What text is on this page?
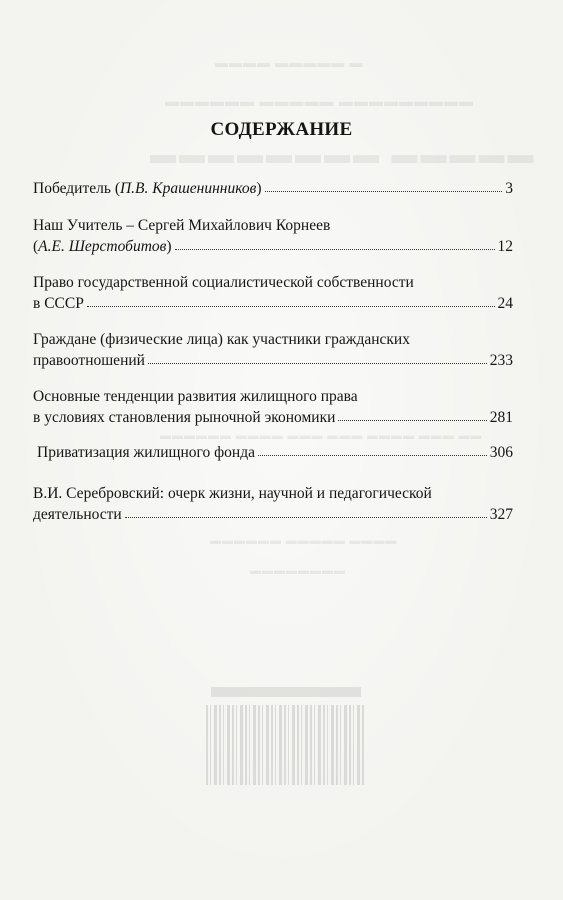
▬▬▬▬ ▬▬▬▬▬ ▬
▬▬▬▬▬▬ ▬▬▬▬▬ ▬▬▬▬▬▬▬▬▬
▬▬▬▬▬▬▬▬ ▬▬▬▬▬
▬▬▬▬▬▬ ▬▬▬▬ ▬▬▬ ▬▬▬ ▬▬▬▬ ▬▬▬ ▬▬
▬▬▬▬▬▬ ▬▬▬▬▬ ▬▬▬▬
▬▬▬▬▬▬▬▬
СОДЕРЖАНИЕ
Победитель (П.В. Крашенинников)	3
Наш Учитель – Сергей Михайлович Корнеев
(А.Е. Шерстобитов)	12
Право государственной социалистической собственности
в СССР	24
Граждане (физические лица) как участники гражданских
правоотношений	233
Основные тенденции развития жилищного права
в условиях становления рыночной экономики	281
Приватизация жилищного фонда	306
В.И. Серебровский: очерк жизни, научной и педагогической
деятельности	327
